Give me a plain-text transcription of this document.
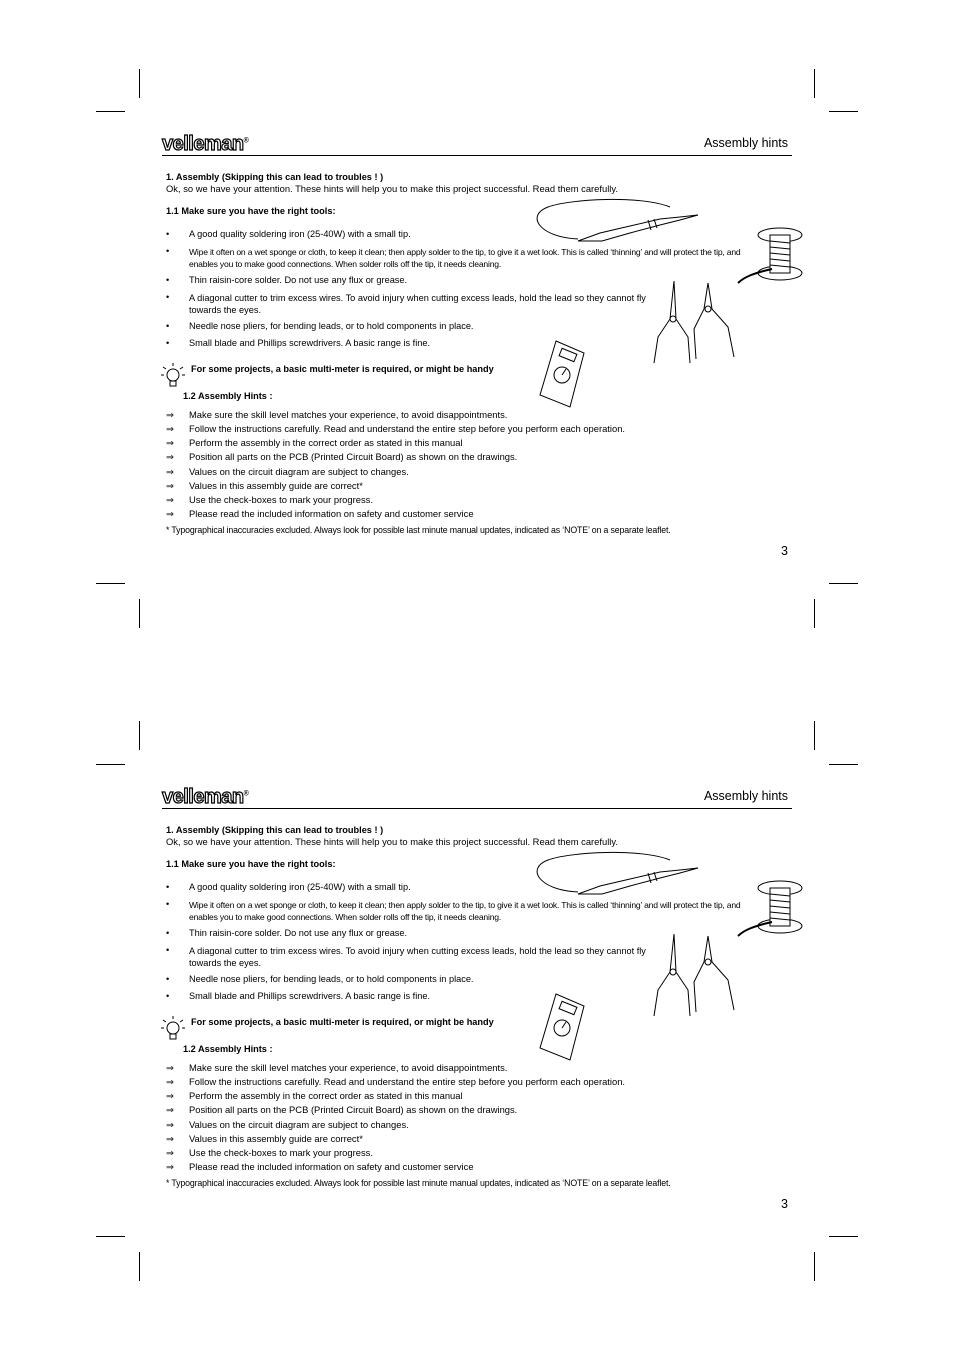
velleman®	Assembly hints
1. Assembly (Skipping this can lead to troubles ! )
Ok, so we have your attention. These hints will help you to make this project successful. Read them carefully.
1.1 Make sure you have the right tools:
A good quality soldering iron (25-40W) with a small tip.
Wipe it often on a wet sponge or cloth, to keep it clean; then apply solder to the tip, to give it a wet look. This is called ‘thinning’ and will protect the tip, and enables you to make good connections. When solder rolls off the tip, it needs cleaning.
Thin raisin-core solder. Do not use any flux or grease.
A diagonal cutter to trim excess wires. To avoid injury when cutting excess leads, hold the lead so they cannot fly towards the eyes.
Needle nose pliers, for bending leads, or to hold components in place.
Small blade and Phillips screwdrivers. A basic range is fine.
For some projects, a basic multi-meter is required, or might be handy
1.2 Assembly Hints :
⇒ Make sure the skill level matches your experience, to avoid disappointments.
⇒ Follow the instructions carefully. Read and understand the entire step before you perform each operation.
⇒ Perform the assembly in the correct order as stated in this manual
⇒ Position all parts on the PCB (Printed Circuit Board) as shown on the drawings.
⇒ Values on the circuit diagram are subject to changes.
⇒ Values in this assembly guide are correct*
⇒ Use the check-boxes to mark your progress.
⇒ Please read the included information on safety and customer service
* Typographical inaccuracies excluded. Always look for possible last minute manual updates, indicated as ‘NOTE’ on a separate leaflet.
3
velleman®	Assembly hints
1. Assembly (Skipping this can lead to troubles ! )
Ok, so we have your attention. These hints will help you to make this project successful. Read them carefully.
1.1 Make sure you have the right tools:
A good quality soldering iron (25-40W) with a small tip.
Wipe it often on a wet sponge or cloth, to keep it clean; then apply solder to the tip, to give it a wet look. This is called ‘thinning’ and will protect the tip, and enables you to make good connections. When solder rolls off the tip, it needs cleaning.
Thin raisin-core solder. Do not use any flux or grease.
A diagonal cutter to trim excess wires. To avoid injury when cutting excess leads, hold the lead so they cannot fly towards the eyes.
Needle nose pliers, for bending leads, or to hold components in place.
Small blade and Phillips screwdrivers. A basic range is fine.
For some projects, a basic multi-meter is required, or might be handy
1.2 Assembly Hints :
⇒ Make sure the skill level matches your experience, to avoid disappointments.
⇒ Follow the instructions carefully. Read and understand the entire step before you perform each operation.
⇒ Perform the assembly in the correct order as stated in this manual
⇒ Position all parts on the PCB (Printed Circuit Board) as shown on the drawings.
⇒ Values on the circuit diagram are subject to changes.
⇒ Values in this assembly guide are correct*
⇒ Use the check-boxes to mark your progress.
⇒ Please read the included information on safety and customer service
* Typographical inaccuracies excluded. Always look for possible last minute manual updates, indicated as ‘NOTE’ on a separate leaflet.
3
